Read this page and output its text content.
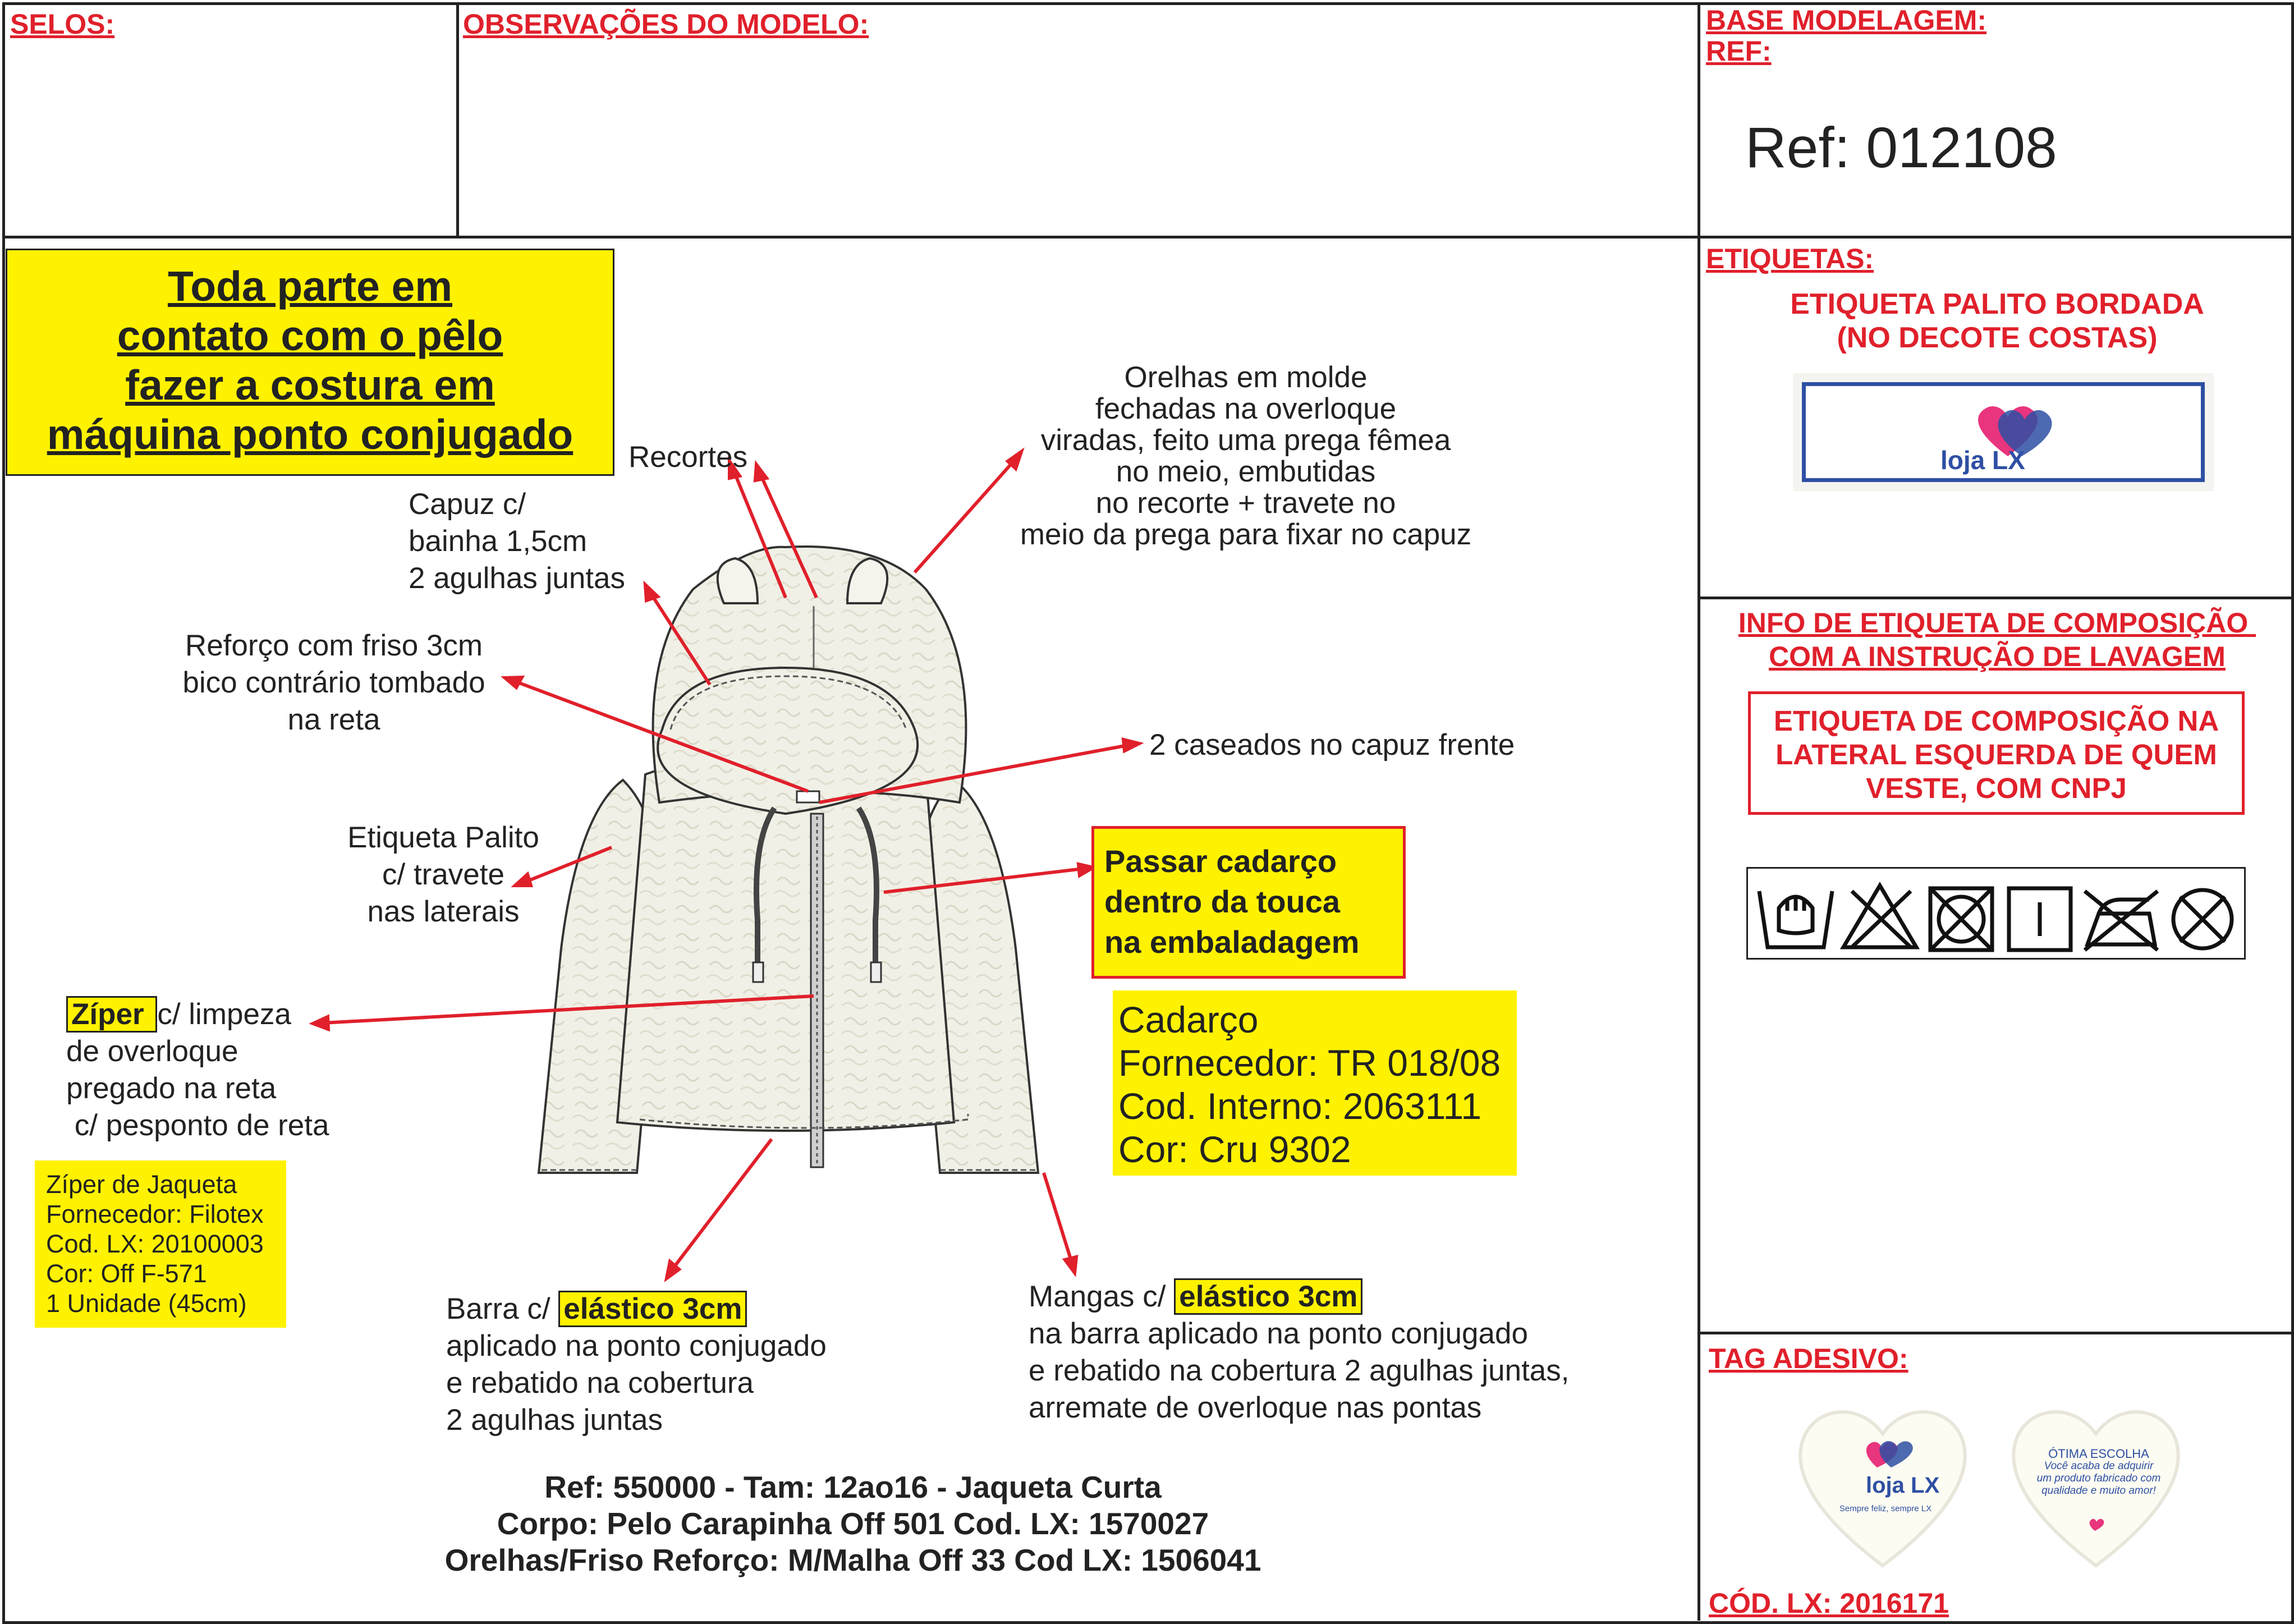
SELOS:	OBSERVAÇÕES DO MODELO:	BASE MODELAGEM:
REF:
Ref: 012108
Toda parte em
contato com o pêlo
fazer a costura em
máquina ponto conjugado	Recortes
Capuz c/
bainha 1,5cm
2 agulhas juntas
Reforço com friso 3cm
bico contrário tombado
na reta
Orelhas em molde
fechadas na overloque
viradas, feito uma prega fêmea
no meio, embutidas
no recorte + travete no
meio da prega para fixar no capuz
2 caseados no capuz frente
Etiqueta Palito
c/ travete
nas laterais
Zíper c/ limpeza
de overloque
pregado na reta
c/ pesponto de reta
Passar cadarço
dentro da touca
na embaladagem
Cadarço
Fornecedor: TR 018/08
Cod. Interno: 2063111
Cor: Cru 9302
Zíper de Jaqueta
Fornecedor: Filotex
Cod. LX: 20100003
Cor: Off F-571
1 Unidade (45cm)	Barra c/ elástico 3cm
aplicado na ponto conjugado
e rebatido na cobertura
2 agulhas juntas
Mangas c/ elástico 3cm
na barra aplicado na ponto conjugado
e rebatido na cobertura 2 agulhas juntas,
arremate de overloque nas pontas
Ref: 550000 - Tam: 12ao16 - Jaqueta Curta
Corpo: Pelo Carapinha Off 501 Cod. LX: 1570027
Orelhas/Friso Reforço: M/Malha Off 33 Cod LX: 1506041
ETIQUETAS:
ETIQUETA PALITO BORDADA
(NO DECOTE COSTAS)
loja LX
INFO DE ETIQUETA DE COMPOSIÇÃO
COM A INSTRUÇÃO DE LAVAGEM
ETIQUETA DE COMPOSIÇÃO NA
LATERAL ESQUERDA DE QUEM
VESTE, COM CNPJ
TAG ADESIVO:
loja LX
Sempre feliz, sempre LX
ÓTIMA ESCOLHA
Você acaba de adquirir
um produto fabricado com
qualidade e muito amor!
CÓD. LX: 2016171
